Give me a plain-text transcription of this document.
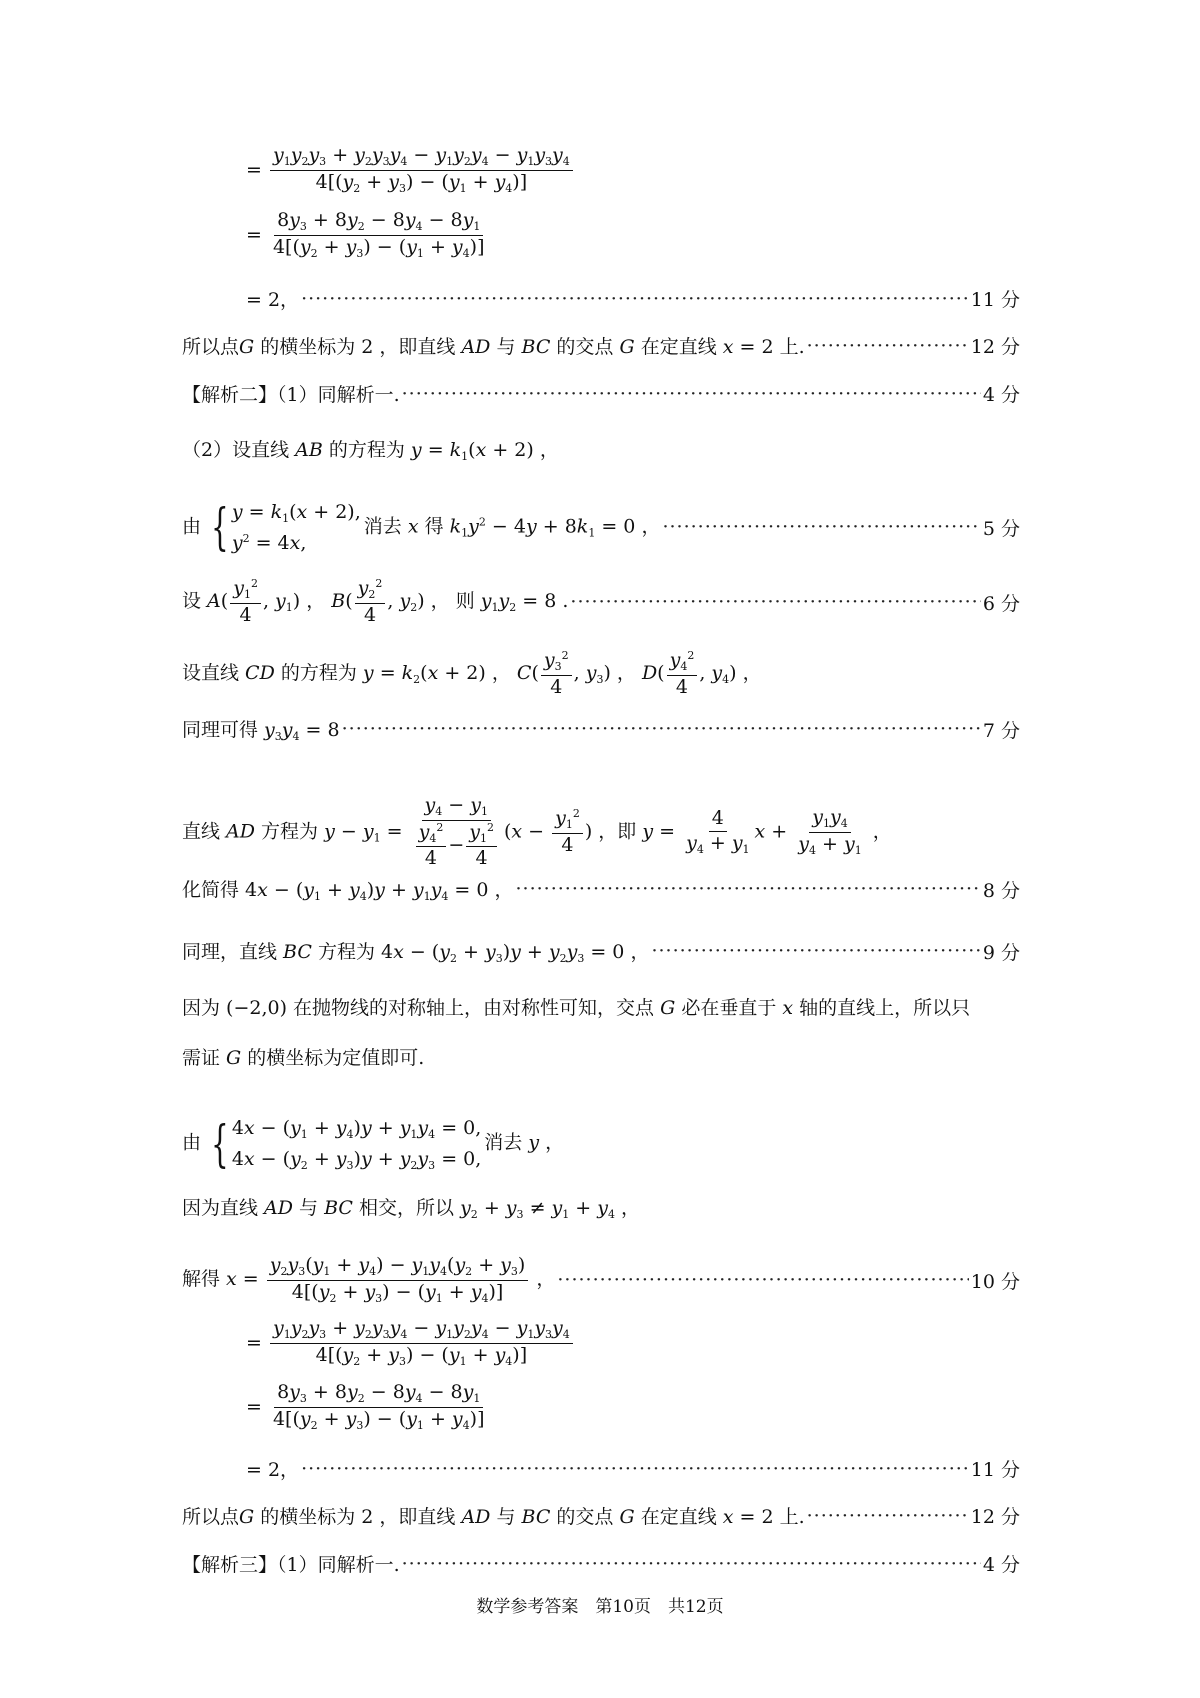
= $\frac{y_1y_2y_3 + y_2y_3y_4 - y_1y_2y_4 - y_1y_3y_4}{4[(y_2 + y_3) - (y_1 + y_4)]}$
= $\frac{8y_3 + 8y_2 - 8y_4 - 8y_1}{4[(y_2 + y_3) - (y_1 + y_4)]}$
= 2， ·····	11 分
所以点G 的横坐标为 2 ，即直线 AD 与 BC 的交点 G 在定直线 x = 2 上. ·····	12 分
【解析二】（1）同解析一. ·····	4 分
（2）设直线 AB 的方程为 $y = k_1(x + 2)$ ，
由 { $y = k_1(x + 2)$,
$y^2 = 4x$,
消去 x 得 $k_1y^2 - 4y + 8k_1 = 0$ ， ·····	5 分
设 $A( \frac{y_1^2}{4}$ , $y_1$) ， $B( \frac{y_2^2}{4}$ , $y_2$) ， 则 $y_1y_2 = 8$ . ·····	6 分
设直线 CD 的方程为 $y = k_2(x + 2)$ ， $C( \frac{y_3^2}{4}$ , $y_3$) ， $D( \frac{y_4^2}{4}$ , $y_4$) ，
同理可得 $y_3y_4 = 8$ ·····	7 分
直线 AD 方程为 $y - y_1 = \frac{y_4 - y_1}{\frac{y_4^2}{4} - \frac{y_1^2}{4}} (x - \frac{y_1^2}{4}$ ) ，即 $y = \frac{4}{y_4 + y_1}$ $x + \frac{y_1y_4}{y_4 + y_1}$ ，
化简得 $4x - (y_1 + y_4)y + y_1y_4 = 0$ ， ·····	8 分
同理，直线 BC 方程为 $4x - (y_2 + y_3)y + y_2y_3 = 0$ ， ·····	9 分
因为 (−2,0) 在抛物线的对称轴上，由对称性可知，交点 G 必在垂直于 x 轴的直线上，所以只
需证 G 的横坐标为定值即可.
由 { $4x - (y_1 + y_4)y + y_1y_4 = 0$,
$4x - (y_2 + y_3)y + y_2y_3 = 0$,
消去 y ，
因为直线 AD 与 BC 相交，所以 $y_2 + y_3 \ne y_1 + y_4$ ，
解得 $x = \frac{y_2y_3(y_1 + y_4) - y_1y_4(y_2 + y_3)}{4[(y_2 + y_3) - (y_1 + y_4)]}$ ， ·····	10 分
= $\frac{y_1y_2y_3 + y_2y_3y_4 - y_1y_2y_4 - y_1y_3y_4}{4[(y_2 + y_3) - (y_1 + y_4)]}$
= $\frac{8y_3 + 8y_2 - 8y_4 - 8y_1}{4[(y_2 + y_3) - (y_1 + y_4)]}$
= 2， ·····	11 分
所以点G 的横坐标为 2 ，即直线 AD 与 BC 的交点 G 在定直线 x = 2 上. ·····	12 分
【解析三】（1）同解析一. ·····	4 分
数学参考答案　第10页　共12页
